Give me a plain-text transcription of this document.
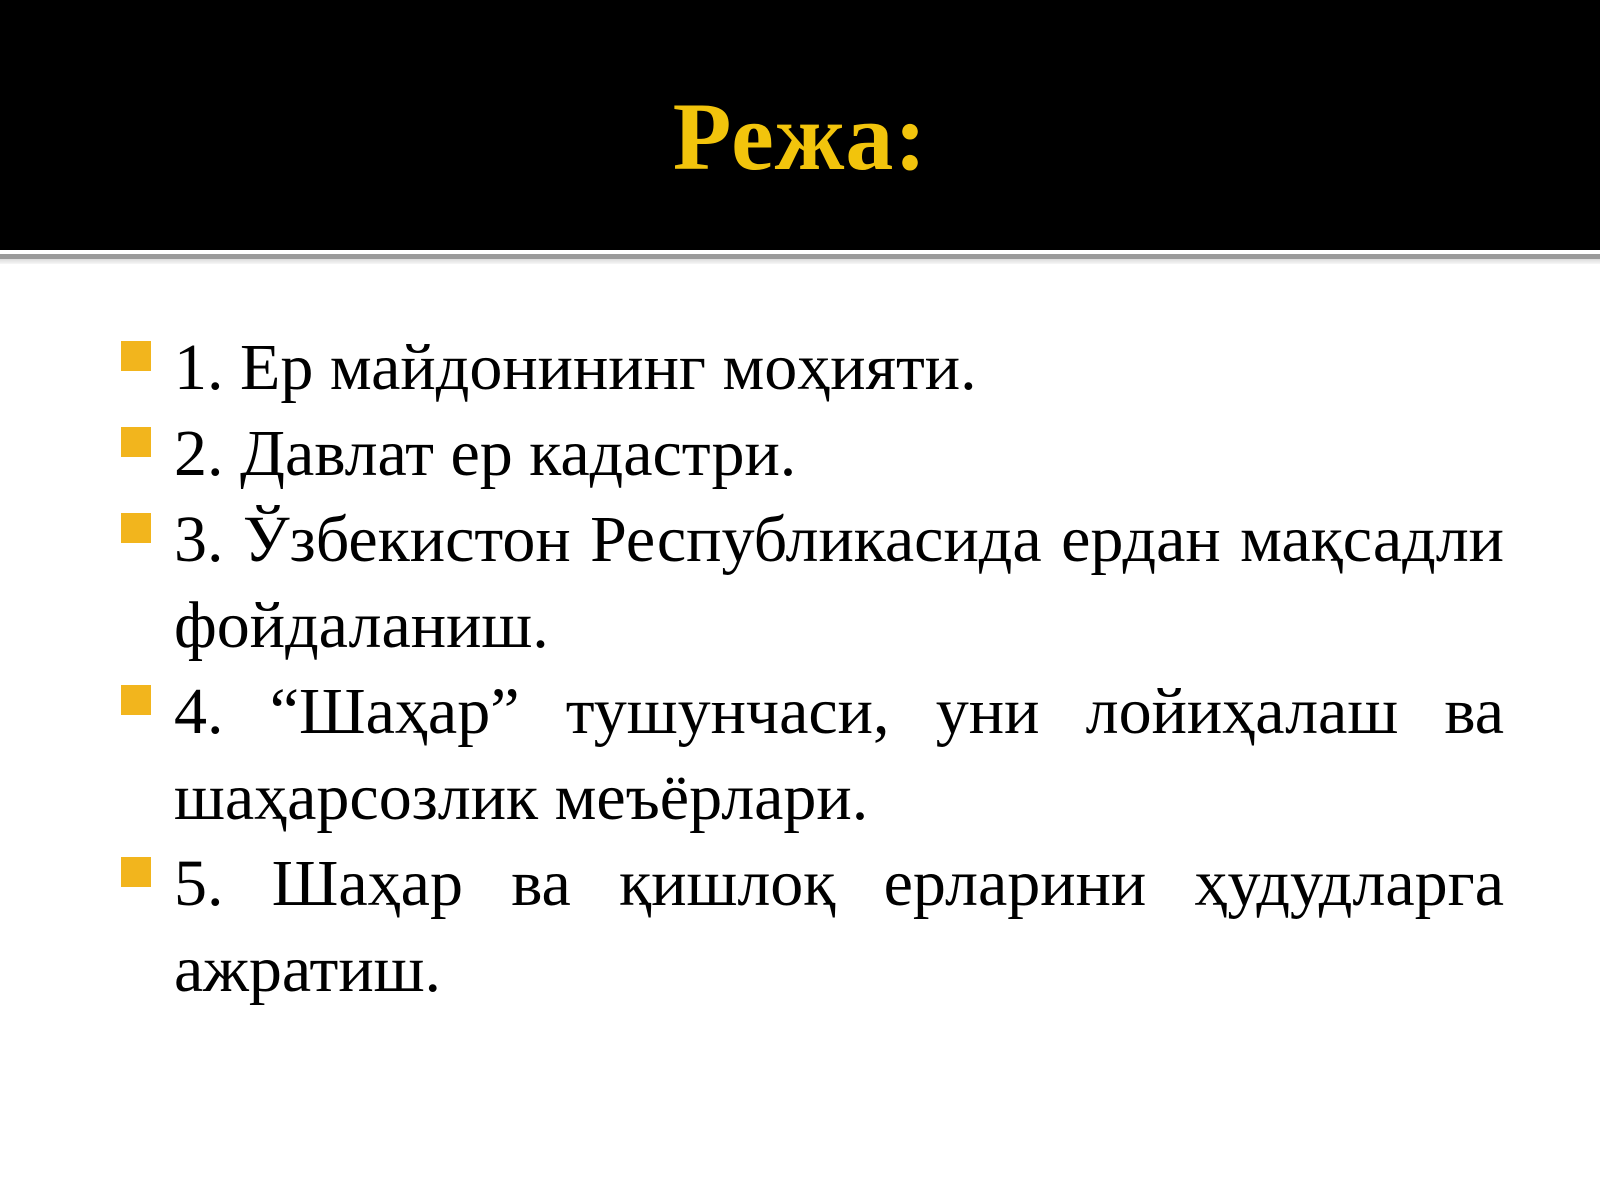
Режа:

1. Ер майдонининг моҳияти.

2. Давлат ер кадастри.

3. Ўзбекистон Республикасида ердан мақсадли фойдаланиш.

4. “Шаҳар” тушунчаси, уни лойиҳалаш ва шаҳарсозлик меъёрлари.

5. Шаҳар ва қишлоқ ерларини ҳудудларга ажратиш.
